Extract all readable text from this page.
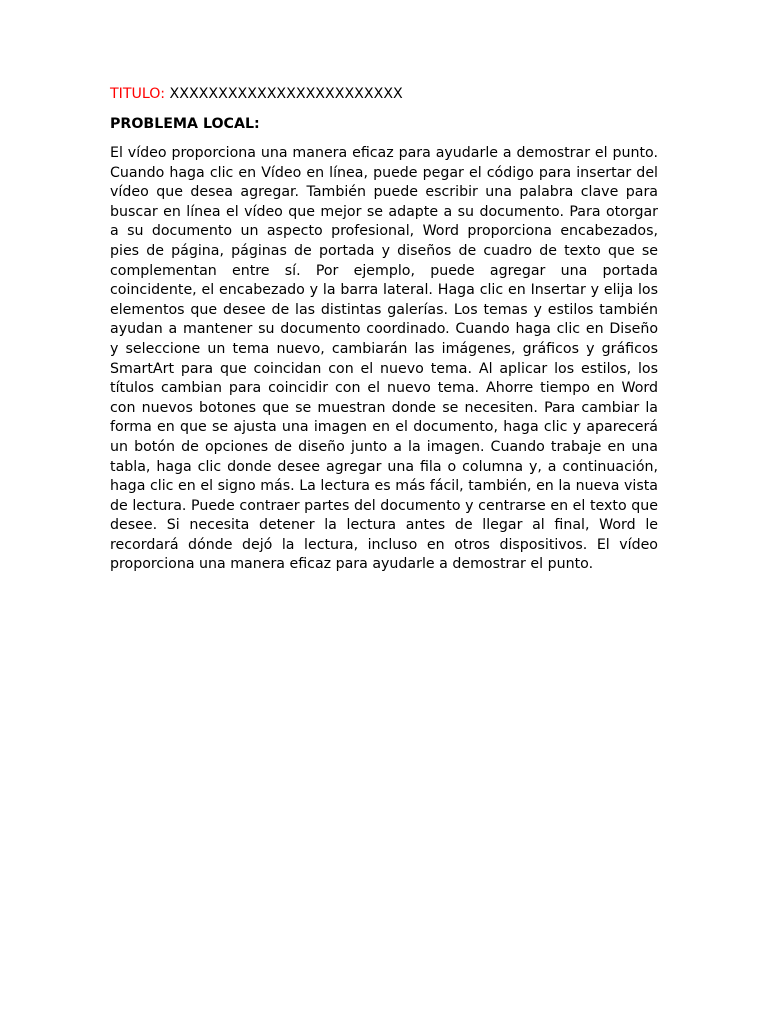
TITULO: XXXXXXXXXXXXXXXXXXXXXXXX

PROBLEMA LOCAL:

El vídeo proporciona una manera eficaz para ayudarle a demostrar el punto. Cuando haga clic en Vídeo en línea, puede pegar el código para insertar del vídeo que desea agregar. También puede escribir una palabra clave para buscar en línea el vídeo que mejor se adapte a su documento. Para otorgar a su documento un aspecto profesional, Word proporciona encabezados, pies de página, páginas de portada y diseños de cuadro de texto que se complementan entre sí. Por ejemplo, puede agregar una portada coincidente, el encabezado y la barra lateral. Haga clic en Insertar y elija los elementos que desee de las distintas galerías. Los temas y estilos también ayudan a mantener su documento coordinado. Cuando haga clic en Diseño y seleccione un tema nuevo, cambiarán las imágenes, gráficos y gráficos SmartArt para que coincidan con el nuevo tema. Al aplicar los estilos, los títulos cambian para coincidir con el nuevo tema. Ahorre tiempo en Word con nuevos botones que se muestran donde se necesiten. Para cambiar la forma en que se ajusta una imagen en el documento, haga clic y aparecerá un botón de opciones de diseño junto a la imagen. Cuando trabaje en una tabla, haga clic donde desee agregar una fila o columna y, a continuación, haga clic en el signo más. La lectura es más fácil, también, en la nueva vista de lectura. Puede contraer partes del documento y centrarse en el texto que desee. Si necesita detener la lectura antes de llegar al final, Word le recordará dónde dejó la lectura, incluso en otros dispositivos. El vídeo proporciona una manera eficaz para ayudarle a demostrar el punto.
